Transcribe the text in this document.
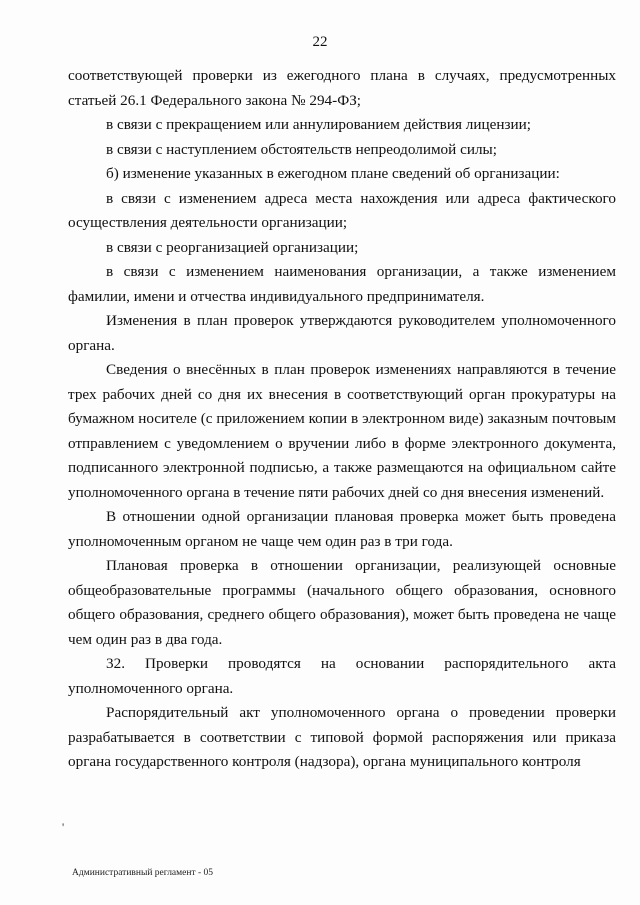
22

соответствующей проверки из ежегодного плана в случаях, предусмотренных статьей 26.1 Федерального закона № 294-ФЗ;

в связи с прекращением или аннулированием действия лицензии;

в связи с наступлением обстоятельств непреодолимой силы;

б) изменение указанных в ежегодном плане сведений об организации:

в связи с изменением адреса места нахождения или адреса фактического осуществления деятельности организации;

в связи с реорганизацией организации;

в связи с изменением наименования организации, а также изменением фамилии, имени и отчества индивидуального предпринимателя.

Изменения в план проверок утверждаются руководителем уполномоченного органа.

Сведения о внесённых в план проверок изменениях направляются в течение трех рабочих дней со дня их внесения в соответствующий орган прокуратуры на бумажном носителе (с приложением копии в электронном виде) заказным почтовым отправлением с уведомлением о вручении либо в форме электронного документа, подписанного электронной подписью, а также размещаются на официальном сайте уполномоченного органа в течение пяти рабочих дней со дня внесения изменений.

В отношении одной организации плановая проверка может быть проведена уполномоченным органом не чаще чем один раз в три года.

Плановая проверка в отношении организации, реализующей основные общеобразовательные программы (начального общего образования, основного общего образования, среднего общего образования), может быть проведена не чаще чем один раз в два года.

32. Проверки проводятся на основании распорядительного акта уполномоченного органа.

Распорядительный акт уполномоченного органа о проведении проверки разрабатывается в соответствии с типовой формой распоряжения или приказа органа государственного контроля (надзора), органа муниципального контроля

'
Административный регламент - 05
